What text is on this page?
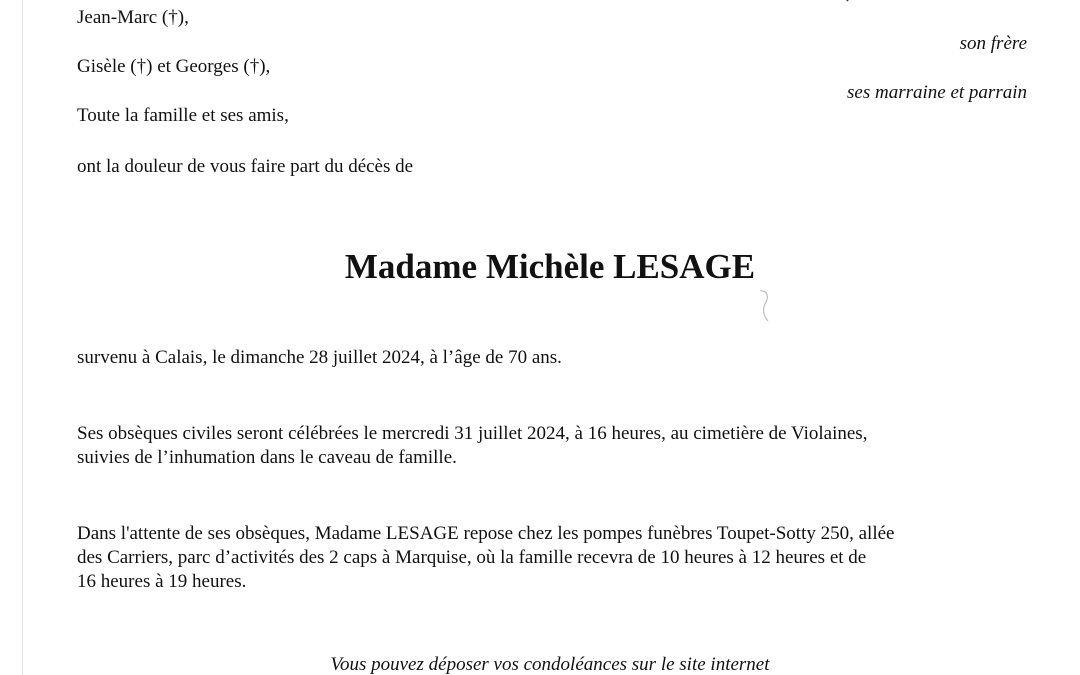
Jean-Marc (†),
son frère
Gisèle (†) et Georges (†),
ses marraine et parrain
Toute la famille et ses amis,
ont la douleur de vous faire part du décès de
Madame Michèle LESAGE
survenu à Calais, le dimanche 28 juillet 2024, à l’âge de 70 ans.
Ses obsèques civiles seront célébrées le mercredi 31 juillet 2024, à 16 heures, au cimetière de Violaines,
suivies de l’inhumation dans le caveau de famille.
Dans l'attente de ses obsèques, Madame LESAGE repose chez les pompes funèbres Toupet-Sotty 250, allée
des Carriers, parc d’activités des 2 caps à Marquise, où la famille recevra de 10 heures à 12 heures et de
16 heures à 19 heures.
Vous pouvez déposer vos condoléances sur le site internet
